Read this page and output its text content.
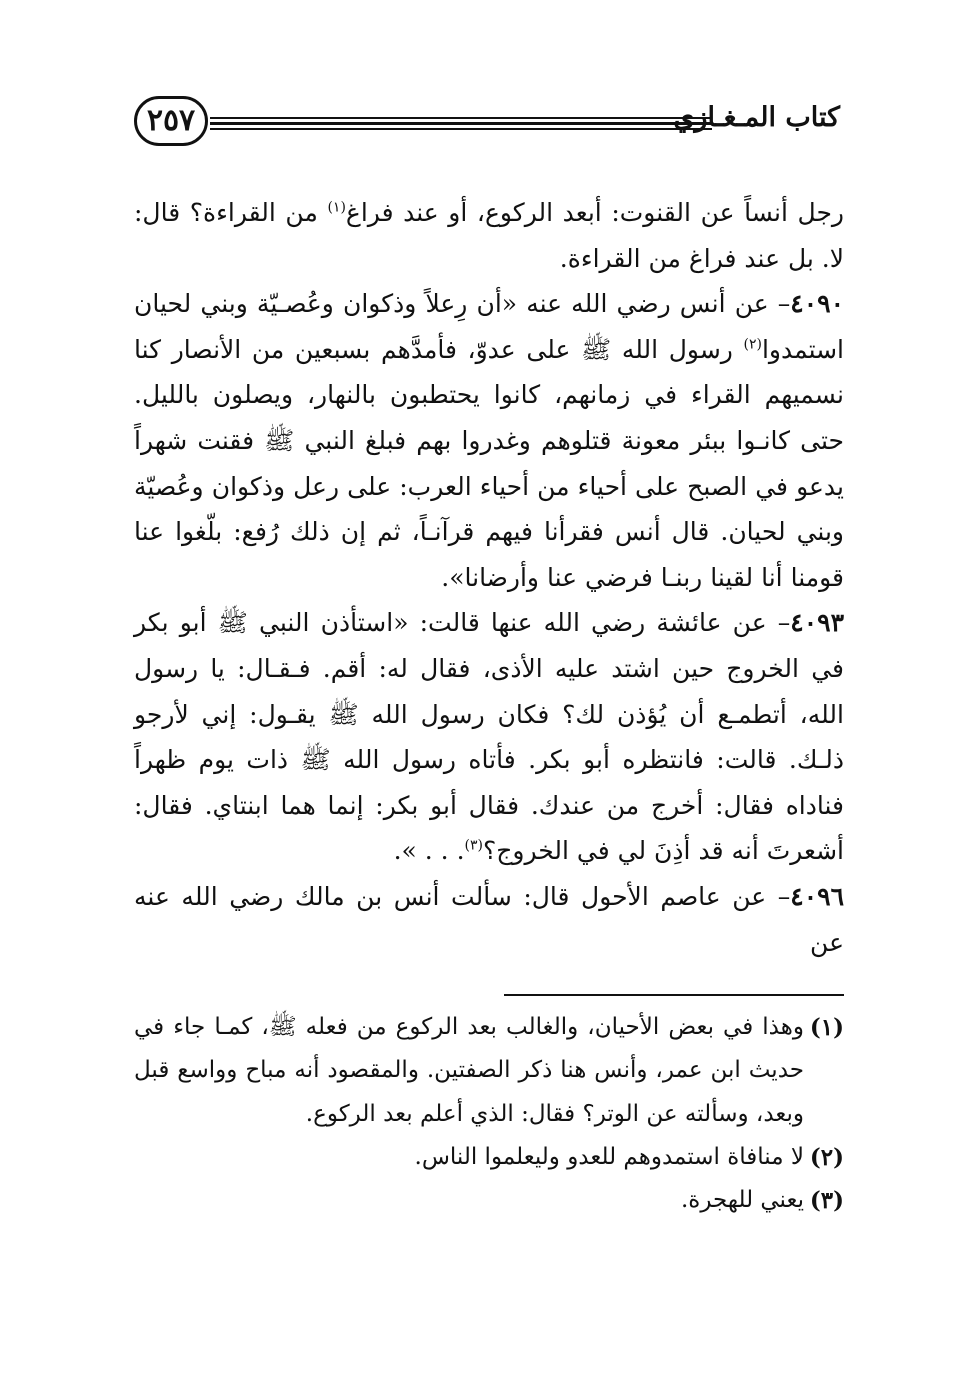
٢٥٧	كتاب المـغـازي

رجل أنساً عن القنوت: أبعد الركوع، أو عند فراغ$^{(١)}$ من القراءة؟ قال: لا. بل عند فراغ من القراءة.

٤٠٩٠– عن أنس رضي الله عنه «أن رِعلاً وذكوان وعُصـيّة وبني لحيان استمدوا$^{(٢)}$ رسول الله ﷺ على عدوّ، فأمدَّهم بسبعين من الأنصار كنا نسميهم القراء في زمانهم، كانوا يحتطبون بالنهار، ويصلون بالليل. حتى كانـوا ببئر معونة قتلوهم وغدروا بهم فبلغ النبي ﷺ فقنت شهراً يدعو في الصبح على أحياء من أحياء العرب: على رعل وذكوان وعُصيّة وبني لحيان. قال أنس فقرأنا فيهم قرآنـاً، ثم إن ذلك رُفع: بلّغوا عنا قومنا أنا لقينا ربنـا فرضي عنا وأرضانا».

٤٠٩٣– عن عائشة رضي الله عنها قالت: «استأذن النبي ﷺ أبو بكر في الخروج حين اشتد عليه الأذى، فقال له: أقم. فـقـال: يا رسول الله، أتطمـع أن يُؤذن لك؟ فكان رسول الله ﷺ يقـول: إني لأرجو ذلـك. قالت: فانتظره أبو بكر. فأتاه رسول الله ﷺ ذات يوم ظهراً فناداه فقال: أخرج من عندك. فقال أبو بكر: إنما هما ابنتاي. فقال: أشعرتَ أنه قد أذِنَ لي في الخروج؟$^{(٣)}$. . . ».

٤٠٩٦– عن عاصم الأحول قال: سألت أنس بن مالك رضي الله عنه عن

(١)
وهذا في بعض الأحيان، والغالب بعد الركوع من فعله ﷺ، كمـا جاء في حديث ابن عمر، وأنس هنا ذكر الصفتين. والمقصود أنه مباح وواسع قبل وبعد، وسألته عن الوتر؟ فقال: الذي أعلم بعد الركوع.
(٢)
لا منافاة استمدوهم للعدو وليعلموا الناس.
(٣)
يعني للهجرة.
